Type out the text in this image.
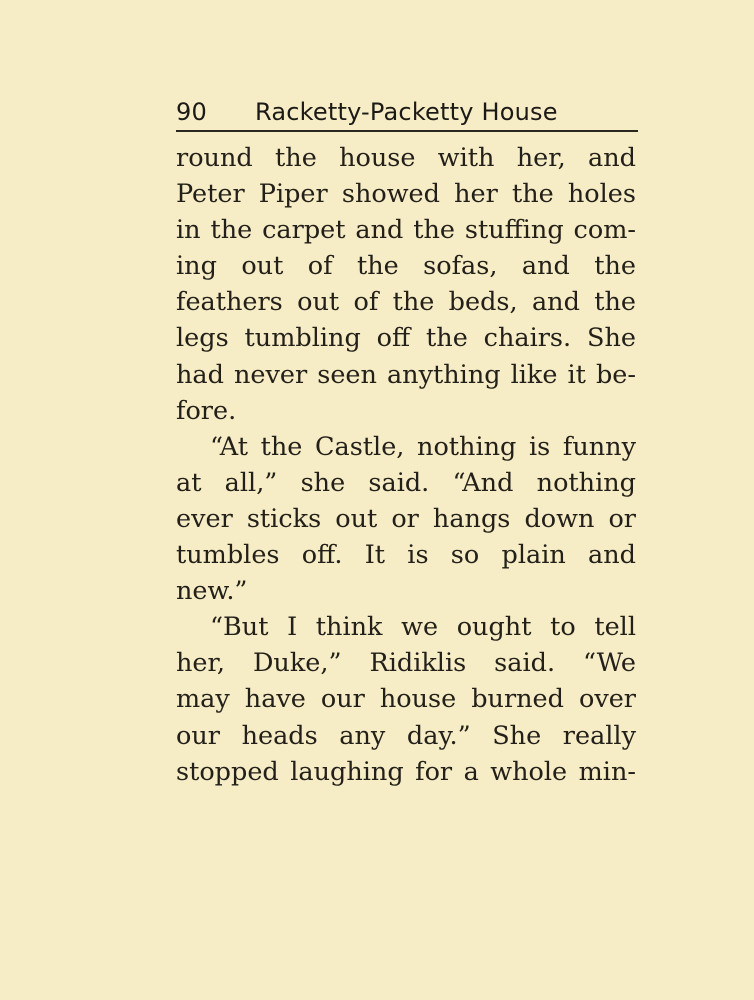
90 Racketty-Packetty House
round the house with her, and
Peter Piper showed her the holes
in the carpet and the stuffing com-
ing out of the sofas, and the
feathers out of the beds, and the
legs tumbling off the chairs. She
had never seen anything like it be-
fore.
“At the Castle, nothing is funny
at all,” she said. “And nothing
ever sticks out or hangs down or
tumbles off. It is so plain and
new.”
“But I think we ought to tell
her, Duke,” Ridiklis said. “We
may have our house burned over
our heads any day.” She really
stopped laughing for a whole min-
